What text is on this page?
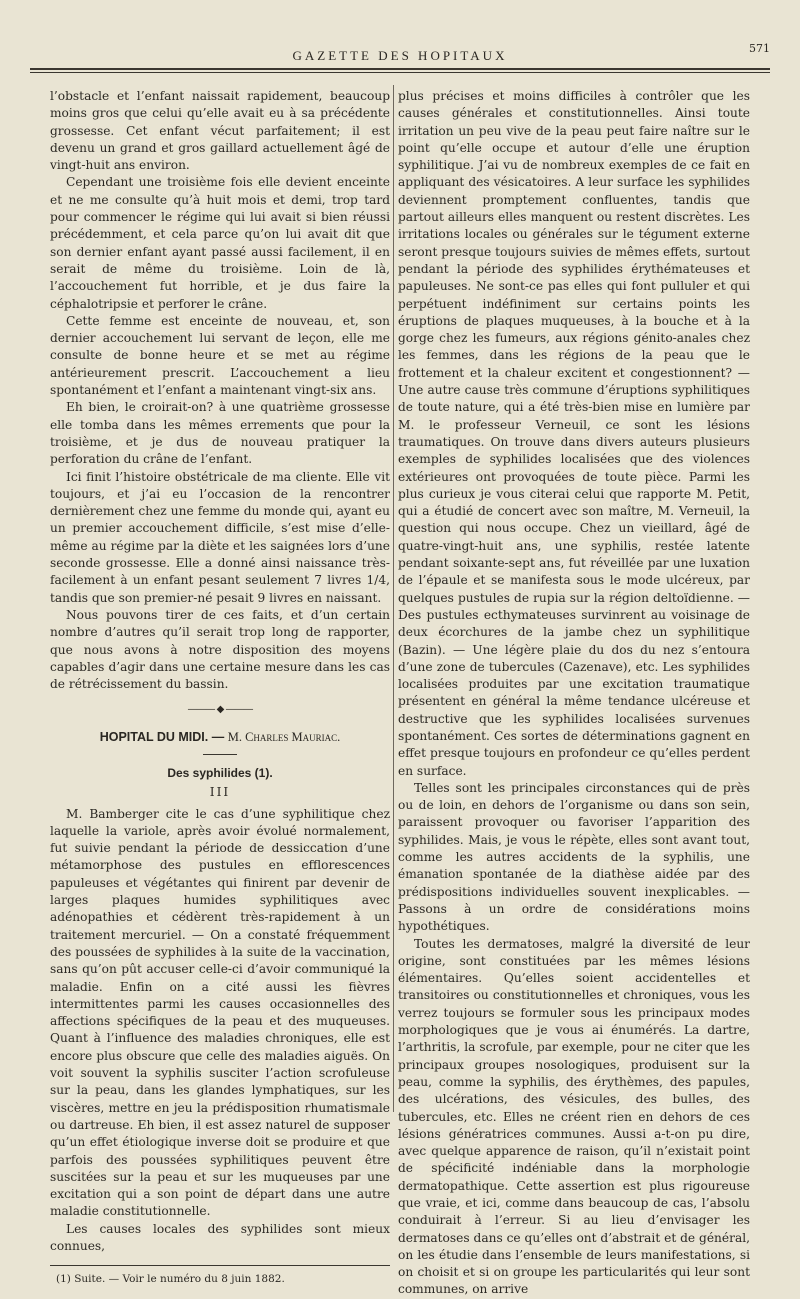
GAZETTE DES HOPITAUX	571

l’obstacle et l’enfant naissait rapidement, beaucoup moins gros que celui qu’elle avait eu à sa précédente grossesse. Cet enfant vécut parfaitement; il est devenu un grand et gros gaillard actuellement âgé de vingt-huit ans environ.

Cependant une troisième fois elle devient enceinte et ne me consulte qu’à huit mois et demi, trop tard pour commencer le régime qui lui avait si bien réussi précédemment, et cela parce qu’on lui avait dit que son dernier enfant ayant passé aussi facilement, il en serait de même du troisième. Loin de là, l’accouchement fut horrible, et je dus faire la céphalotripsie et perforer le crâne.

Cette femme est enceinte de nouveau, et, son dernier accouchement lui servant de leçon, elle me consulte de bonne heure et se met au régime antérieurement prescrit. L’accouchement a lieu spontanément et l’enfant a maintenant vingt-six ans.

Eh bien, le croirait-on? à une quatrième grossesse elle tomba dans les mêmes errements que pour la troisième, et je dus de nouveau pratiquer la perforation du crâne de l’enfant.

Ici finit l’histoire obstétricale de ma cliente. Elle vit toujours, et j’ai eu l’occasion de la rencontrer dernièrement chez une femme du monde qui, ayant eu un premier accouchement difficile, s’est mise d’elle-même au régime par la diète et les saignées lors d’une seconde grossesse. Elle a donné ainsi naissance très-facilement à un enfant pesant seulement 7 livres 1/4, tandis que son premier-né pesait 9 livres en naissant.

Nous pouvons tirer de ces faits, et d’un certain nombre d’autres qu’il serait trop long de rapporter, que nous avons à notre disposition des moyens capables d’agir dans une certaine mesure dans les cas de rétrécissement du bassin.

——— ◆ ———
HOPITAL DU MIDI. — M. Charles Mauriac.
Des syphilides (1).
III

M. Bamberger cite le cas d’une syphilitique chez laquelle la variole, après avoir évolué normalement, fut suivie pendant la période de dessiccation d’une métamorphose des pustules en efflorescences papuleuses et végétantes qui finirent par devenir de larges plaques humides syphilitiques avec adénopathies et cédèrent très-rapidement à un traitement mercuriel. — On a constaté fréquemment des poussées de syphilides à la suite de la vaccination, sans qu’on pût accuser celle-ci d’avoir communiqué la maladie. Enfin on a cité aussi les fièvres intermittentes parmi les causes occasionnelles des affections spécifiques de la peau et des muqueuses. Quant à l’influence des maladies chroniques, elle est encore plus obscure que celle des maladies aiguës. On voit souvent la syphilis susciter l’action scrofuleuse sur la peau, dans les glandes lymphatiques, sur les viscères, mettre en jeu la prédisposition rhumatismale ou dartreuse. Eh bien, il est assez naturel de supposer qu’un effet étiologique inverse doit se produire et que parfois des poussées syphilitiques peuvent être suscitées sur la peau et sur les muqueuses par une excitation qui a son point de départ dans une autre maladie constitutionnelle.

Les causes locales des syphilides sont mieux connues,

(1) Suite. — Voir le numéro du 8 juin 1882.

plus précises et moins difficiles à contrôler que les causes générales et constitutionnelles. Ainsi toute irritation un peu vive de la peau peut faire naître sur le point qu’elle occupe et autour d’elle une éruption syphilitique. J’ai vu de nombreux exemples de ce fait en appliquant des vésicatoires. A leur surface les syphilides deviennent promptement confluentes, tandis que partout ailleurs elles manquent ou restent discrètes. Les irritations locales ou générales sur le tégument externe seront presque toujours suivies de mêmes effets, surtout pendant la période des syphilides érythémateuses et papuleuses. Ne sont-ce pas elles qui font pulluler et qui perpétuent indéfiniment sur certains points les éruptions de plaques muqueuses, à la bouche et à la gorge chez les fumeurs, aux régions génito-anales chez les femmes, dans les régions de la peau que le frottement et la chaleur excitent et congestionnent? — Une autre cause très commune d’éruptions syphilitiques de toute nature, qui a été très-bien mise en lumière par M. le professeur Verneuil, ce sont les lésions traumatiques. On trouve dans divers auteurs plusieurs exemples de syphilides localisées que des violences extérieures ont provoquées de toute pièce. Parmi les plus curieux je vous citerai celui que rapporte M. Petit, qui a étudié de concert avec son maître, M. Verneuil, la question qui nous occupe. Chez un vieillard, âgé de quatre-vingt-huit ans, une syphilis, restée latente pendant soixante-sept ans, fut réveillée par une luxation de l’épaule et se manifesta sous le mode ulcéreux, par quelques pustules de rupia sur la région deltoïdienne. — Des pustules ecthymateuses survinrent au voisinage de deux écorchures de la jambe chez un syphilitique (Bazin). — Une légère plaie du dos du nez s’entoura d’une zone de tubercules (Cazenave), etc. Les syphilides localisées produites par une excitation traumatique présentent en général la même tendance ulcéreuse et destructive que les syphilides localisées survenues spontanément. Ces sortes de déterminations gagnent en effet presque toujours en profondeur ce qu’elles perdent en surface.

Telles sont les principales circonstances qui de près ou de loin, en dehors de l’organisme ou dans son sein, paraissent provoquer ou favoriser l’apparition des syphilides. Mais, je vous le répète, elles sont avant tout, comme les autres accidents de la syphilis, une émanation spontanée de la diathèse aidée par des prédispositions individuelles souvent inexplicables. — Passons à un ordre de considérations moins hypothétiques.

Toutes les dermatoses, malgré la diversité de leur origine, sont constituées par les mêmes lésions élémentaires. Qu’elles soient accidentelles et transitoires ou constitutionnelles et chroniques, vous les verrez toujours se formuler sous les principaux modes morphologiques que je vous ai énumérés. La dartre, l’arthritis, la scrofule, par exemple, pour ne citer que les principaux groupes nosologiques, produisent sur la peau, comme la syphilis, des érythèmes, des papules, des ulcérations, des vésicules, des bulles, des tubercules, etc. Elles ne créent rien en dehors de ces lésions génératrices communes. Aussi a-t-on pu dire, avec quelque apparence de raison, qu’il n’existait point de spécificité indéniable dans la morphologie dermatopathique. Cette assertion est plus rigoureuse que vraie, et ici, comme dans beaucoup de cas, l’absolu conduirait à l’erreur. Si au lieu d’envisager les dermatoses dans ce qu’elles ont d’abstrait et de général, on les étudie dans l’ensemble de leurs manifestations, si on choisit et si on groupe les particularités qui leur sont communes, on arrive
